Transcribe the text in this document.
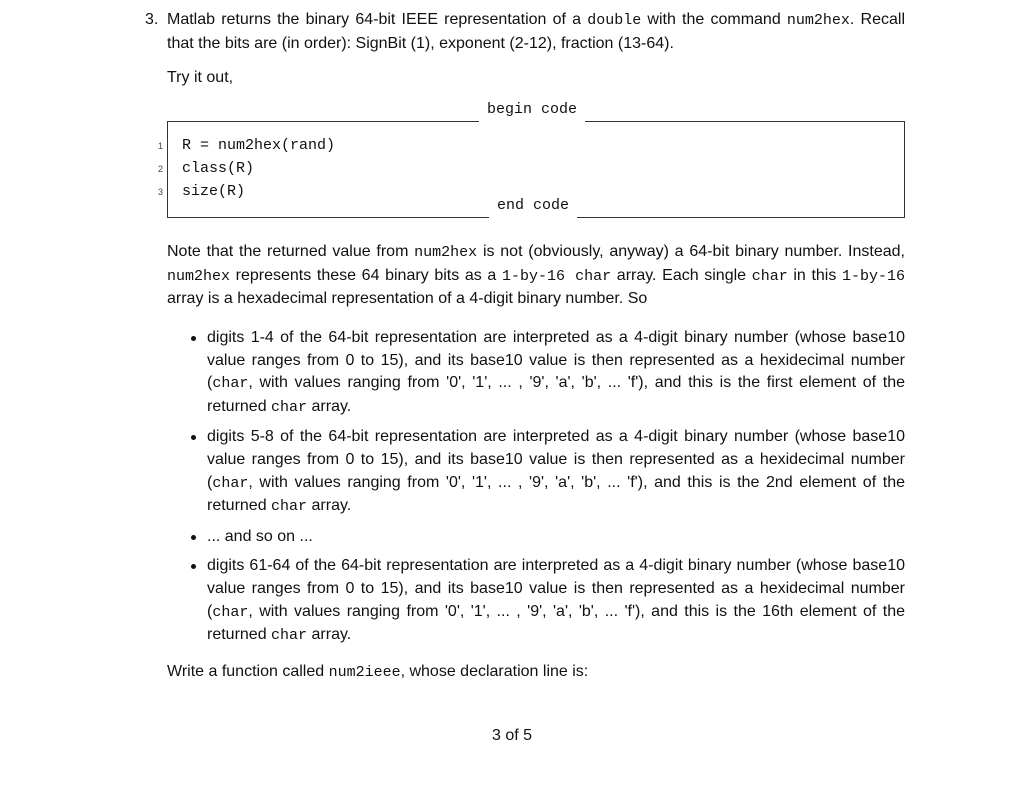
3. Matlab returns the binary 64-bit IEEE representation of a double with the command num2hex. Recall that the bits are (in order): SignBit (1), exponent (2-12), fraction (13-64).

Try it out,

begin code
1 R = num2hex(rand)
2 class(R)
3 size(R)
end code

Note that the returned value from num2hex is not (obviously, anyway) a 64-bit binary number. Instead, num2hex represents these 64 binary bits as a 1-by-16 char array. Each single char in this 1-by-16 array is a hexadecimal representation of a 4-digit binary number. So

digits 1-4 of the 64-bit representation are interpreted as a 4-digit binary number (whose base10 value ranges from 0 to 15), and its base10 value is then represented as a hexidecimal number (char, with values ranging from '0', '1', ... , '9', 'a', 'b', ... 'f'), and this is the first element of the returned char array.
digits 5-8 of the 64-bit representation are interpreted as a 4-digit binary number (whose base10 value ranges from 0 to 15), and its base10 value is then represented as a hexidecimal number (char, with values ranging from '0', '1', ... , '9', 'a', 'b', ... 'f'), and this is the 2nd element of the returned char array.
... and so on ...
digits 61-64 of the 64-bit representation are interpreted as a 4-digit binary number (whose base10 value ranges from 0 to 15), and its base10 value is then represented as a hexidecimal number (char, with values ranging from '0', '1', ... , '9', 'a', 'b', ... 'f'), and this is the 16th element of the returned char array.

Write a function called num2ieee, whose declaration line is:

3 of 5
